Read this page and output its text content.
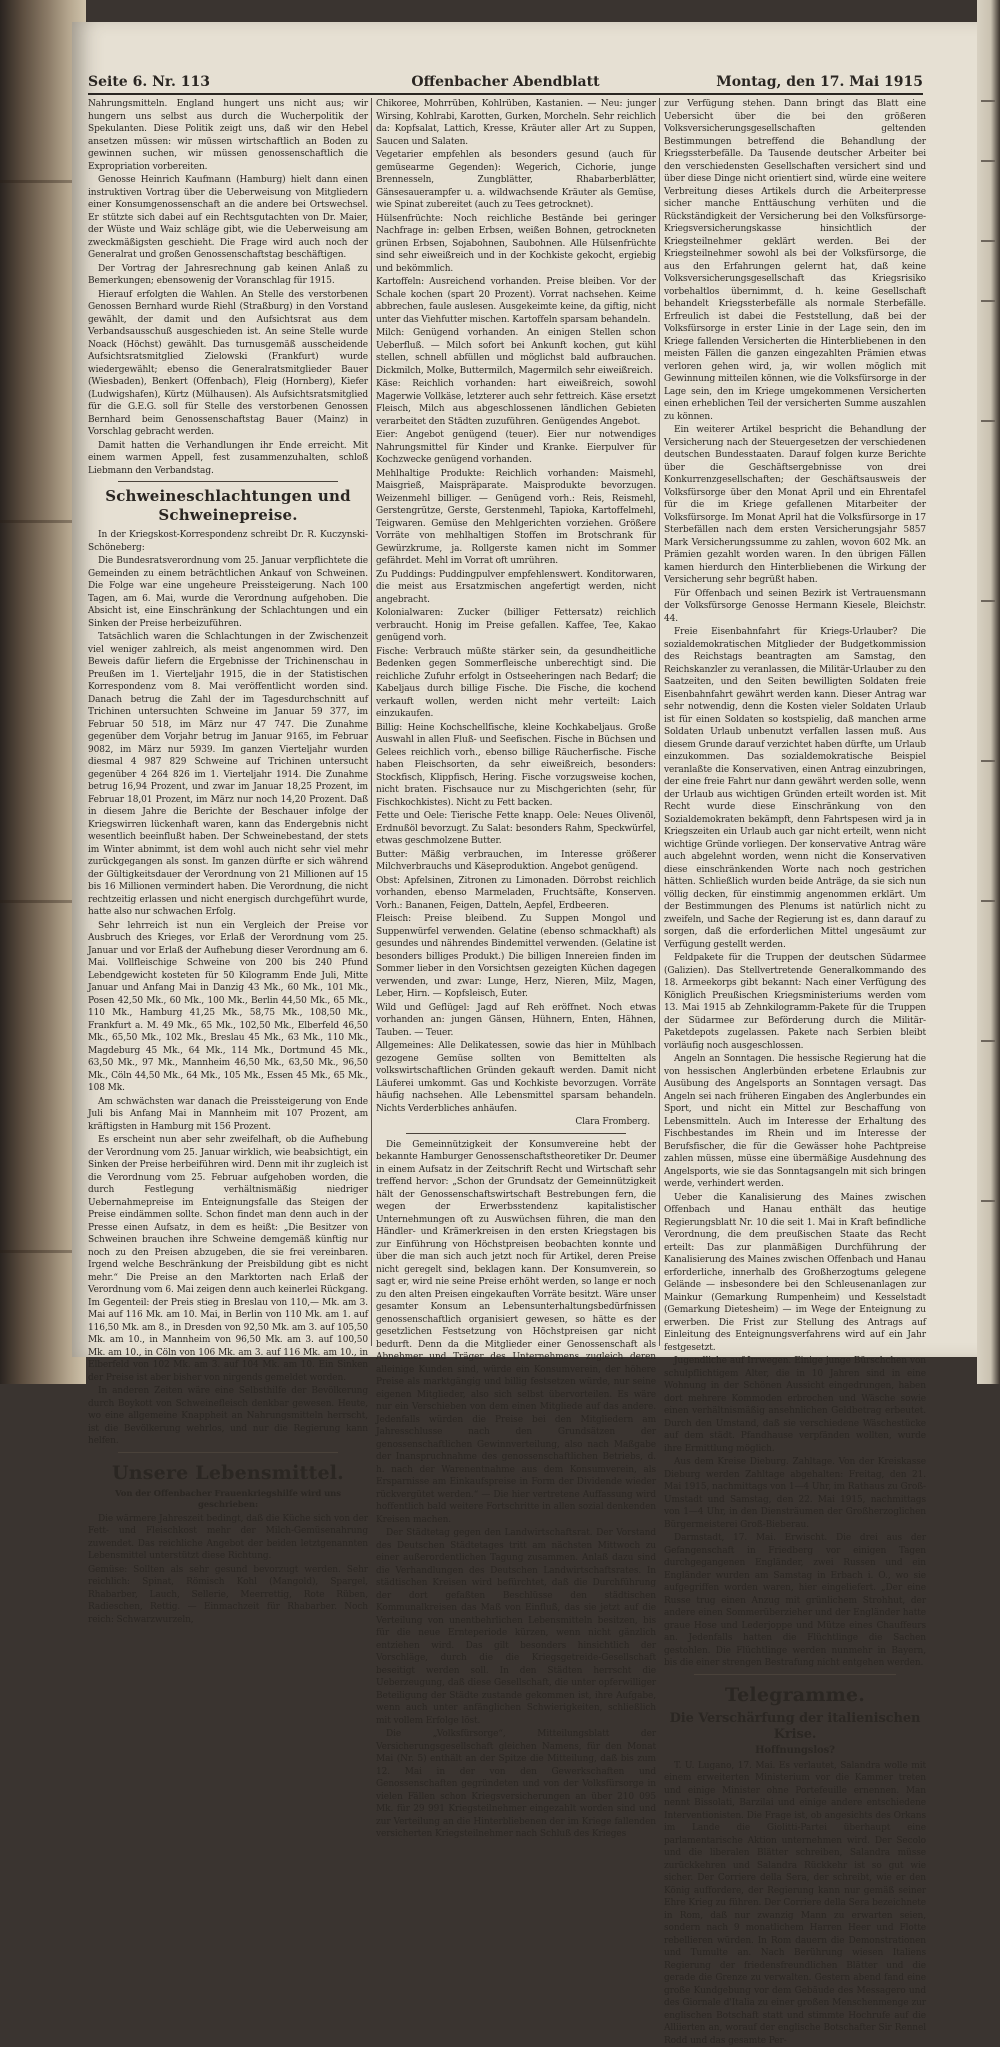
Seite 6. Nr. 113	Offenbacher Abendblatt	Montag, den 17. Mai 1915

Nahrungsmitteln. England hungert uns nicht aus; wir hungern uns selbst aus durch die Wucherpolitik der Spekulanten. Diese Politik zeigt uns, daß wir den Hebel ansetzen müssen: wir müssen wirtschaftlich an Boden zu gewinnen suchen, wir müssen genossenschaftlich die Expropriation vorbereiten.

Genosse Heinrich Kaufmann (Hamburg) hielt dann einen instruktiven Vortrag über die Ueberweisung von Mitgliedern einer Konsumgenossenschaft an die andere bei Ortswechsel. Er stützte sich dabei auf ein Rechtsgutachten von Dr. Maier, der Wüste und Waiz schläge gibt, wie die Ueberweisung am zweckmäßigsten geschieht. Die Frage wird auch noch der Generalrat und großen Genossenschaftstag beschäftigen.

Der Vortrag der Jahresrechnung gab keinen Anlaß zu Bemerkungen; ebensowenig der Voranschlag für 1915.

Hierauf erfolgten die Wahlen. An Stelle des verstorbenen Genossen Bernhard wurde Riehl (Straßburg) in den Vorstand gewählt, der damit und den Aufsichtsrat aus dem Verbandsausschuß ausgeschieden ist. An seine Stelle wurde Noack (Höchst) gewählt. Das turnusgemäß ausscheidende Aufsichtsratsmitglied Zielowski (Frankfurt) wurde wiedergewählt; ebenso die Generalratsmitglieder Bauer (Wiesbaden), Benkert (Offenbach), Fleig (Hornberg), Kiefer (Ludwigshafen), Kürtz (Mülhausen). Als Aufsichtsratsmitglied für die G.E.G. soll für Stelle des verstorbenen Genossen Bernhard beim Genossenschaftstag Bauer (Mainz) in Vorschlag gebracht werden.

Damit hatten die Verhandlungen ihr Ende erreicht. Mit einem warmen Appell, fest zusammenzuhalten, schloß Liebmann den Verbandstag.

Schweineschlachtungen und Schweinepreise.

In der Kriegskost-Korrespondenz schreibt Dr. R. Kuczynski-Schöneberg:

Die Bundesratsverordnung vom 25. Januar verpflichtete die Gemeinden zu einem beträchtlichen Ankauf von Schweinen. Die Folge war eine ungeheure Preissteigerung. Nach 100 Tagen, am 6. Mai, wurde die Verordnung aufgehoben. Die Absicht ist, eine Einschränkung der Schlachtungen und ein Sinken der Preise herbeizuführen.

Tatsächlich waren die Schlachtungen in der Zwischenzeit viel weniger zahlreich, als meist angenommen wird. Den Beweis dafür liefern die Ergebnisse der Trichinenschau in Preußen im 1. Vierteljahr 1915, die in der Statistischen Korrespondenz vom 8. Mai veröffentlicht worden sind. Danach betrug die Zahl der im Tagesdurchschnitt auf Trichinen untersuchten Schweine im Januar 59 377, im Februar 50 518, im März nur 47 747. Die Zunahme gegenüber dem Vorjahr betrug im Januar 9165, im Februar 9082, im März nur 5939. Im ganzen Vierteljahr wurden diesmal 4 987 829 Schweine auf Trichinen untersucht gegenüber 4 264 826 im 1. Vierteljahr 1914. Die Zunahme betrug 16,94 Prozent, und zwar im Januar 18,25 Prozent, im Februar 18,01 Prozent, im März nur noch 14,20 Prozent. Daß in diesem Jahre die Berichte der Beschauer infolge der Kriegswirren lückenhaft waren, kann das Endergebnis nicht wesentlich beeinflußt haben. Der Schweinebestand, der stets im Winter abnimmt, ist dem wohl auch nicht sehr viel mehr zurückgegangen als sonst. Im ganzen dürfte er sich während der Gültigkeitsdauer der Verordnung von 21 Millionen auf 15 bis 16 Millionen vermindert haben. Die Verordnung, die nicht rechtzeitig erlassen und nicht energisch durchgeführt wurde, hatte also nur schwachen Erfolg.

Sehr lehrreich ist nun ein Vergleich der Preise vor Ausbruch des Krieges, vor Erlaß der Verordnung vom 25. Januar und vor Erlaß der Aufhebung dieser Verordnung am 6. Mai. Vollfleischige Schweine von 200 bis 240 Pfund Lebendgewicht kosteten für 50 Kilogramm Ende Juli, Mitte Januar und Anfang Mai in Danzig 43 Mk., 60 Mk., 101 Mk., Posen 42,50 Mk., 60 Mk., 100 Mk., Berlin 44,50 Mk., 65 Mk., 110 Mk., Hamburg 41,25 Mk., 58,75 Mk., 108,50 Mk., Frankfurt a. M. 49 Mk., 65 Mk., 102,50 Mk., Elberfeld 46,50 Mk., 65,50 Mk., 102 Mk., Breslau 45 Mk., 63 Mk., 110 Mk., Magdeburg 45 Mk., 64 Mk., 114 Mk., Dortmund 45 Mk., 63,50 Mk., 97 Mk., Mannheim 46,50 Mk., 63,50 Mk., 96,50 Mk., Cöln 44,50 Mk., 64 Mk., 105 Mk., Essen 45 Mk., 65 Mk., 108 Mk.

Am schwächsten war danach die Preissteigerung von Ende Juli bis Anfang Mai in Mannheim mit 107 Prozent, am kräftigsten in Hamburg mit 156 Prozent.

Es erscheint nun aber sehr zweifelhaft, ob die Aufhebung der Verordnung vom 25. Januar wirklich, wie beabsichtigt, ein Sinken der Preise herbeiführen wird. Denn mit ihr zugleich ist die Verordnung vom 25. Februar aufgehoben worden, die durch Festlegung verhältnismäßig niedriger Uebernahmepreise im Enteignungsfalle das Steigen der Preise eindämmen sollte. Schon findet man denn auch in der Presse einen Aufsatz, in dem es heißt: „Die Besitzer von Schweinen brauchen ihre Schweine demgemäß künftig nur noch zu den Preisen abzugeben, die sie frei vereinbaren. Irgend welche Beschränkung der Preisbildung gibt es nicht mehr.“ Die Preise an den Marktorten nach Erlaß der Verordnung vom 6. Mai zeigen denn auch keinerlei Rückgang. Im Gegenteil: der Preis stieg in Breslau von 110,— Mk. am 3. Mai auf 116 Mk. am 10. Mai, in Berlin von 110 Mk. am 1. auf 116,50 Mk. am 8., in Dresden von 92,50 Mk. am 3. auf 105,50 Mk. am 10., in Mannheim von 96,50 Mk. am 3. auf 100,50 Mk. am 10., in Cöln von 106 Mk. am 3. auf 116 Mk. am 10., in Elberfeld von 102 Mk. am 3. auf 104 Mk. am 10. Ein Sinken der Preise ist aber bisher von nirgends gemeldet worden.

In anderen Zeiten wäre eine Selbsthilfe der Bevölkerung durch Boykott von Schweinefleisch denkbar gewesen. Heute, wo eine allgemeine Knappheit an Nahrungsmitteln herrscht, ist die Bevölkerung wehrlos, und nur die Regierung kann helfen.

Unsere Lebensmittel.
Von der Offenbacher Frauenkriegshilfe wird uns geschrieben:

Die wärmere Jahreszeit bedingt, daß die Küche sich von der Fett- und Fleischkost mehr der Milch-Gemüsenahrung zuwendet. Das reichliche Angebot der beiden letztgenannten Lebensmittel unterstützt diese Richtung.

Gemüse: Sollten als sehr gesund bevorzugt werden. Sehr reichlich: Spinat, Römisch Kohl (Mangold), Spargel, Rhabarber, Lauch, Sellerie, Meerrettig, Rote Rüben, Radieschen, Rettig. — Einmachzeit für Rhabarber. Noch reich: Schwarzwurzeln,

Chikoree, Mohrrüben, Kohlrüben, Kastanien. — Neu: junger Wirsing, Kohlrabi, Karotten, Gurken, Morcheln. Sehr reichlich da: Kopfsalat, Lattich, Kresse, Kräuter aller Art zu Suppen, Saucen und Salaten.

Vegetarier empfehlen als besonders gesund (auch für gemüsearme Gegenden): Wegerich, Cichorie, junge Brennesseln, Zungblätter, Rhabarberblätter, Gänsesauerampfer u. a. wildwachsende Kräuter als Gemüse, wie Spinat zubereitet (auch zu Tees getrocknet).

Hülsenfrüchte: Noch reichliche Bestände bei geringer Nachfrage in: gelben Erbsen, weißen Bohnen, getrockneten grünen Erbsen, Sojabohnen, Saubohnen. Alle Hülsenfrüchte sind sehr eiweißreich und in der Kochkiste gekocht, ergiebig und bekömmlich.

Kartoffeln: Ausreichend vorhanden. Preise bleiben. Vor der Schale kochen (spart 20 Prozent). Vorrat nachsehen. Keime abbrechen, faule auslesen. Ausgekeimte keine, da giftig, nicht unter das Viehfutter mischen. Kartoffeln sparsam behandeln.

Milch: Genügend vorhanden. An einigen Stellen schon Ueberfluß. — Milch sofort bei Ankunft kochen, gut kühl stellen, schnell abfüllen und möglichst bald aufbrauchen. Dickmilch, Molke, Buttermilch, Magermilch sehr eiweißreich.

Käse: Reichlich vorhanden: hart eiweißreich, sowohl Magerwie Vollkäse, letzterer auch sehr fettreich. Käse ersetzt Fleisch, Milch aus abgeschlossenen ländlichen Gebieten verarbeitet den Städten zuzuführen. Genügendes Angebot.

Eier: Angebot genügend (teuer). Eier nur notwendiges Nahrungsmittel für Kinder und Kranke. Eierpulver für Kochzwecke genügend vorhanden.

Mehlhaltige Produkte: Reichlich vorhanden: Maismehl, Maisgrieß, Maispräparate. Maisprodukte bevorzugen. Weizenmehl billiger. — Genügend vorh.: Reis, Reismehl, Gerstengrütze, Gerste, Gerstenmehl, Tapioka, Kartoffelmehl, Teigwaren. Gemüse den Mehlgerichten vorziehen. Größere Vorräte von mehlhaltigen Stoffen im Brotschrank für Gewürzkrume, ja. Rollgerste kamen nicht im Sommer gefährdet. Mehl im Vorrat oft umrühren.

Zu Puddings: Puddingpulver empfehlenswert. Konditorwaren, die meist aus Ersatzmischen angefertigt werden, nicht angebracht.

Kolonialwaren: Zucker (billiger Fettersatz) reichlich verbraucht. Honig im Preise gefallen. Kaffee, Tee, Kakao genügend vorh.

Fische: Verbrauch müßte stärker sein, da gesundheitliche Bedenken gegen Sommerfleische unberechtigt sind. Die reichliche Zufuhr erfolgt in Ostseeheringen nach Bedarf; die Kabeljaus durch billige Fische. Die Fische, die kochend verkauft wollen, werden nicht mehr verteilt: Laich einzukaufen.

Billig: Heine Kochschellfische, kleine Kochkabeljaus. Große Auswahl in allen Fluß- und Seefischen. Fische in Büchsen und Gelees reichlich vorh., ebenso billige Räucherfische. Fische haben Fleischsorten, da sehr eiweißreich, besonders: Stockfisch, Klippfisch, Hering. Fische vorzugsweise kochen, nicht braten. Fischsauce nur zu Mischgerichten (sehr, für Fischkochkistes). Nicht zu Fett backen.

Fette und Oele: Tierische Fette knapp. Oele: Neues Olivenöl, Erdnußöl bevorzugt. Zu Salat: besonders Rahm, Speckwürfel, etwas geschmolzene Butter.

Butter: Mäßig verbrauchen, im Interesse größerer Milchverbrauchs und Käseproduktion. Angebot genügend.

Obst: Apfelsinen, Zitronen zu Limonaden. Dörrobst reichlich vorhanden, ebenso Marmeladen, Fruchtsäfte, Konserven. Vorh.: Bananen, Feigen, Datteln, Aepfel, Erdbeeren.

Fleisch: Preise bleibend. Zu Suppen Mongol und Suppenwürfel verwenden. Gelatine (ebenso schmackhaft) als gesundes und nährendes Bindemittel verwenden. (Gelatine ist besonders billiges Produkt.) Die billigen Innereien finden im Sommer lieber in den Vorsichtsen gezeigten Küchen dagegen verwenden, und zwar: Lunge, Herz, Nieren, Milz, Magen, Leber, Hirn. — Kopfsleisch, Euter.

Wild und Geflügel: Jagd auf Reh eröffnet. Noch etwas vorhanden an: jungen Gänsen, Hühnern, Enten, Hähnen, Tauben. — Teuer.

Allgemeines: Alle Delikatessen, sowie das hier in Mühlbach gezogene Gemüse sollten von Bemittelten als volkswirtschaftlichen Gründen gekauft werden. Damit nicht Läuferei umkommt. Gas und Kochkiste bevorzugen. Vorräte häufig nachsehen. Alle Lebensmittel sparsam behandeln. Nichts Verderbliches anhäufen.

Clara Fromberg.

Die Gemeinnützigkeit der Konsumvereine hebt der bekannte Hamburger Genossenschaftstheoretiker Dr. Deumer in einem Aufsatz in der Zeitschrift Recht und Wirtschaft sehr treffend hervor: „Schon der Grundsatz der Gemeinnützigkeit hält der Genossenschaftswirtschaft Bestrebungen fern, die wegen der Erwerbsstendenz kapitalistischer Unternehmungen oft zu Auswüchsen führen, die man den Händler- und Krämerkreisen in den ersten Kriegstagen bis zur Einführung von Höchstpreisen beobachten konnte und über die man sich auch jetzt noch für Artikel, deren Preise nicht geregelt sind, beklagen kann. Der Konsumverein, so sagt er, wird nie seine Preise erhöht werden, so lange er noch zu den alten Preisen eingekauften Vorräte besitzt. Wäre unser gesamter Konsum an Lebensunterhaltungsbedürfnissen genossenschaftlich organisiert gewesen, so hätte es der gesetzlichen Festsetzung von Höchstpreisen gar nicht bedurft. Denn da die Mitglieder einer Genossenschaft als Abnehmer und Träger des Unternehmens zugleich deren alleinige Kunden sind, würde ein Konsumverein, der höhere Preise als marktgängig und billig festsetzen würde, nur seine eigenen Mitglieder, also sich selbst übervorteilen. Es wäre nur ein Verschieben von dem einen Mitgliede auf das andere. Jedenfalls würden die Preise bei den Mitgliedern am Jahresschlusse nach den Grundsätzen der genossenschaftlichen Gewinnverteilung, also nach Maßgabe der Inanspruchnahme des genossenschaftlichen Betriebs, d. h. nach der Warenentnahme aus dem Konsumverein, als Ersparnisse am Einkaufspreise in Form der Dividende wieder rückvergütet werden.“ — Die hier vertretene Auffassung wird hoffentlich bald weitere Fortschritte in allen sozial denkenden Kreisen machen.

Der Städtetag gegen den Landwirtschaftsrat. Der Vorstand des Deutschen Städtetages tritt am nächsten Mittwoch zu einer außerordentlichen Tagung zusammen. Anlaß dazu sind die Verhandlungen des Deutschen Landwirtschaftsrates. In städtischen Kreisen wird befürchtet, daß die Durchführung der dort gefaßten Beschlüsse den städtischen Kommunalkreisen das Maß von Einfluß, das sie jetzt auf die Verteilung von unentbehrlichen Lebensmitteln besitzen, bis für die neue Ernteperiode kürzen, wenn nicht gänzlich entziehen wird. Das gilt besonders hinsichtlich der Vorschläge, durch die die Kriegsgetreide-Gesellschaft beseitigt werden soll. In den Städten herrscht die Ueberzeugung, daß diese Gesellschaft, die unter opferwilliger Beteiligung der Städte zustande gekommen ist, ihre Aufgabe, wenn auch unter anfänglichen Schwierigkeiten, schließlich mit vollem Erfolge löst.

Die „Volksfürsorge“, Mitteilungsblatt der Versicherungsgesellschaft gleichen Namens, für den Monat Mai (Nr. 5) enthält an der Spitze die Mitteilung, daß bis zum 12. Mai in der von den Gewerkschaften und Genossenschaften gegründeten und von der Volksfürsorge in vielen Fällen schon Kriegsversicherungen an über 210 095 Mk. für 29 991 Kriegsteilnehmer eingezahlt worden sind und zur Verteilung an die Hinterbliebenen der im Kriege fallenden versicherten Kriegsteilnehmer nach Schluß des Krieges

zur Verfügung stehen. Dann bringt das Blatt eine Uebersicht über die bei den größeren Volksversicherungsgesellschaften geltenden Bestimmungen betreffend die Behandlung der Kriegssterbefälle. Da Tausende deutscher Arbeiter bei den verschiedensten Gesellschaften versichert sind und über diese Dinge nicht orientiert sind, würde eine weitere Verbreitung dieses Artikels durch die Arbeiterpresse sicher manche Enttäuschung verhüten und die Rückständigkeit der Versicherung bei den Volksfürsorge-Kriegsversicherungskasse hinsichtlich der Kriegsteilnehmer geklärt werden. Bei der Kriegsteilnehmer sowohl als bei der Volksfürsorge, die aus den Erfahrungen gelernt hat, daß keine Volksversicherungsgesellschaft das Kriegsrisiko vorbehaltlos übernimmt, d. h. keine Gesellschaft behandelt Kriegssterbefälle als normale Sterbefälle. Erfreulich ist dabei die Feststellung, daß bei der Volksfürsorge in erster Linie in der Lage sein, den im Kriege fallenden Versicherten die Hinterbliebenen in den meisten Fällen die ganzen eingezahlten Prämien etwas verloren gehen wird, ja, wir wollen möglich mit Gewinnung mitteilen können, wie die Volksfürsorge in der Lage sein, den im Kriege umgekommenen Versicherten einen erheblichen Teil der versicherten Summe auszahlen zu können.

Ein weiterer Artikel bespricht die Behandlung der Versicherung nach der Steuergesetzen der verschiedenen deutschen Bundesstaaten. Darauf folgen kurze Berichte über die Geschäftsergebnisse von drei Konkurrenzgesellschaften; der Geschäftsausweis der Volksfürsorge über den Monat April und ein Ehrentafel für die im Kriege gefallenen Mitarbeiter der Volksfürsorge. Im Monat April hat die Volksfürsorge in 17 Sterbefällen nach dem ersten Versicherungsjahr 5857 Mark Versicherungssumme zu zahlen, wovon 602 Mk. an Prämien gezahlt worden waren. In den übrigen Fällen kamen hierdurch den Hinterbliebenen die Wirkung der Versicherung sehr begrüßt haben.

Für Offenbach und seinen Bezirk ist Vertrauensmann der Volksfürsorge Genosse Hermann Kiesele, Bleichstr. 44.

Freie Eisenbahnfahrt für Kriegs-Urlauber? Die sozialdemokratischen Mitglieder der Budgetkommission des Reichstags beantragten am Samstag, den Reichskanzler zu veranlassen, die Militär-Urlauber zu den Saatzeiten, und den Seiten bewilligten Soldaten freie Eisenbahnfahrt gewährt werden kann. Dieser Antrag war sehr notwendig, denn die Kosten vieler Soldaten Urlaub ist für einen Soldaten so kostspielig, daß manchen arme Soldaten Urlaub unbenutzt verfallen lassen muß. Aus diesem Grunde darauf verzichtet haben dürfte, um Urlaub einzukommen. Das sozialdemokratische Beispiel veranlaßte die Konservativen, einen Antrag einzubringen, der eine freie Fahrt nur dann gewährt werden solle, wenn der Urlaub aus wichtigen Gründen erteilt worden ist. Mit Recht wurde diese Einschränkung von den Sozialdemokraten bekämpft, denn Fahrtspesen wird ja in Kriegszeiten ein Urlaub auch gar nicht erteilt, wenn nicht wichtige Gründe vorliegen. Der konservative Antrag wäre auch abgelehnt worden, wenn nicht die Konservativen diese einschränkenden Worte nach noch gestrichen hätten. Schließlich wurden beide Anträge, da sie sich nun völlig decken, für einstimmig angenommen erklärt. Um der Bestimmungen des Plenums ist natürlich nicht zu zweifeln, und Sache der Regierung ist es, dann darauf zu sorgen, daß die erforderlichen Mittel ungesäumt zur Verfügung gestellt werden.

Feldpakete für die Truppen der deutschen Südarmee (Galizien). Das Stellvertretende Generalkommando des 18. Armeekorps gibt bekannt: Nach einer Verfügung des Königlich Preußischen Kriegsministeriums werden vom 13. Mai 1915 ab Zehnkilogramm-Pakete für die Truppen der Südarmee zur Beförderung durch die Militär-Paketdepots zugelassen. Pakete nach Serbien bleibt vorläufig noch ausgeschlossen.

Angeln an Sonntagen. Die hessische Regierung hat die von hessischen Anglerbünden erbetene Erlaubnis zur Ausübung des Angelsports an Sonntagen versagt. Das Angeln sei nach früheren Eingaben des Anglerbundes ein Sport, und nicht ein Mittel zur Beschaffung von Lebensmitteln. Auch im Interesse der Erhaltung des Fischbestandes im Rhein und im Interesse der Berufsfischer, die für die Gewässer hohe Pachtpreise zahlen müssen, müsse eine übermäßige Ausdehnung des Angelsports, wie sie das Sonntagsangeln mit sich bringen werde, verhindert werden.

Ueber die Kanalisierung des Maines zwischen Offenbach und Hanau enthält das heutige Regierungsblatt Nr. 10 die seit 1. Mai in Kraft befindliche Verordnung, die dem preußischen Staate das Recht erteilt: Das zur planmäßigen Durchführung der Kanalisierung des Maines zwischen Offenbach und Hanau erforderliche, innerhalb des Großherzogtums gelegene Gelände — insbesondere bei den Schleusenanlagen zur Mainkur (Gemarkung Rumpenheim) und Kesselstadt (Gemarkung Dietesheim) — im Wege der Enteignung zu erwerben. Die Frist zur Stellung des Antrags auf Einleitung des Enteignungsverfahrens wird auf ein Jahr festgesetzt.

Jugendliche auf Irrwegen. Einige junge Bürschchen von schulpflichtigem Alter, die in 10 Jahren sind in eine Wohnung in der Schönen Aussicht eingedrungen, haben dort mehrere Kommoden erbrochen und Wäsche sowie einen verhältnismäßig ansehnlichen Geldbetrag erbeutet. Durch den Umstand, daß sie verschiedene Wäschestücke auf dem städt. Pfandhause verpfänden wollten, wurde ihre Ermittlung möglich.

Aus dem Kreise Dieburg. Zahltage. Von der Kreiskasse Dieburg werden Zahltage abgehalten: Freitag, den 21. Mai 1915, nachmittags von 1—4 Uhr, im Rathaus zu Groß-Umstadt und Samstag, den 22. Mai 1915, nachmittags von 1—4 Uhr, in den Diensträumen der Großherzoglichen Bürgermeisterei Groß-Bieberau.

Darmstadt, 17. Mai. Erwischt. Die drei aus der Gefangenschaft in Friedberg vor einigen Tagen durchgegangenen Engländer, zwei Russen und ein Engländer wurden am Samstag in Erbach i. O., wo sie aufgegriffen worden waren, hier eingeliefert. „Der eine Russe trug einen Anzug mit grünlichem Strohhut, der andere einen Sommerüberzieher und der Engländer hatte graue Hose und Lederjoppe und Mütze eines Chauffeurs an. Jedenfalls hatten die Flüchtlinge die Sachen gestohlen. Die Flüchtlinge werden nunmehr in Bayern, bis die einer strengen Bestrafung nicht entgehen werden.

Telegramme.
Die Verschärfung der italienischen Krise.
Hoffnungslos?

T. U. Lugano, 17. Mai. Es verlautet, Salandra wolle mit einem erweiterten Ministerium vor die Kammer treten und einige Minister ohne Portefeuille ernennen. Man nennt Bissolati, Barzilai und einige andere entschiedene Interventionisten. Die Frage ist, ob angesichts des Orkans im Lande die Giolitti-Partei überhaupt eine parlamentarische Aktion unternehmen wird. Der Secolo und die liberalen Blätter schreiben, Salandra müsse zurückkehren und Salandra Rückkehr ist so gut wie sicher. Der Corriere della Sera, der schreibt, wie er den König auffordere, der Regierung kann nur gemäß seiner Ehre Krieg zu führen. Der Corriere della Sera bezeichnete in Rom, daß nur zwanzig Mann zu erwarten seien, sondern nach 9 monatlichem Harren Heer und Flotte rebellieren würden. In Rom dauern die Demonstrationen und Tumulte an. Nach Berührung wiesen Italiens Regierung der friedensfreundlichen Blätter und die gerade die Grenze zu verwalten. Gestern abend fand eine große Kundgebung vor dem Gebäude des Messagero und des Giornale d'Italia zu einer großen Menschenmenge zur englischen Botschaft statt und stimmte Hochrufe auf die Alliierten an, worauf der englische Botschafter Sir Rennel Rodd und das gesamte Per-
